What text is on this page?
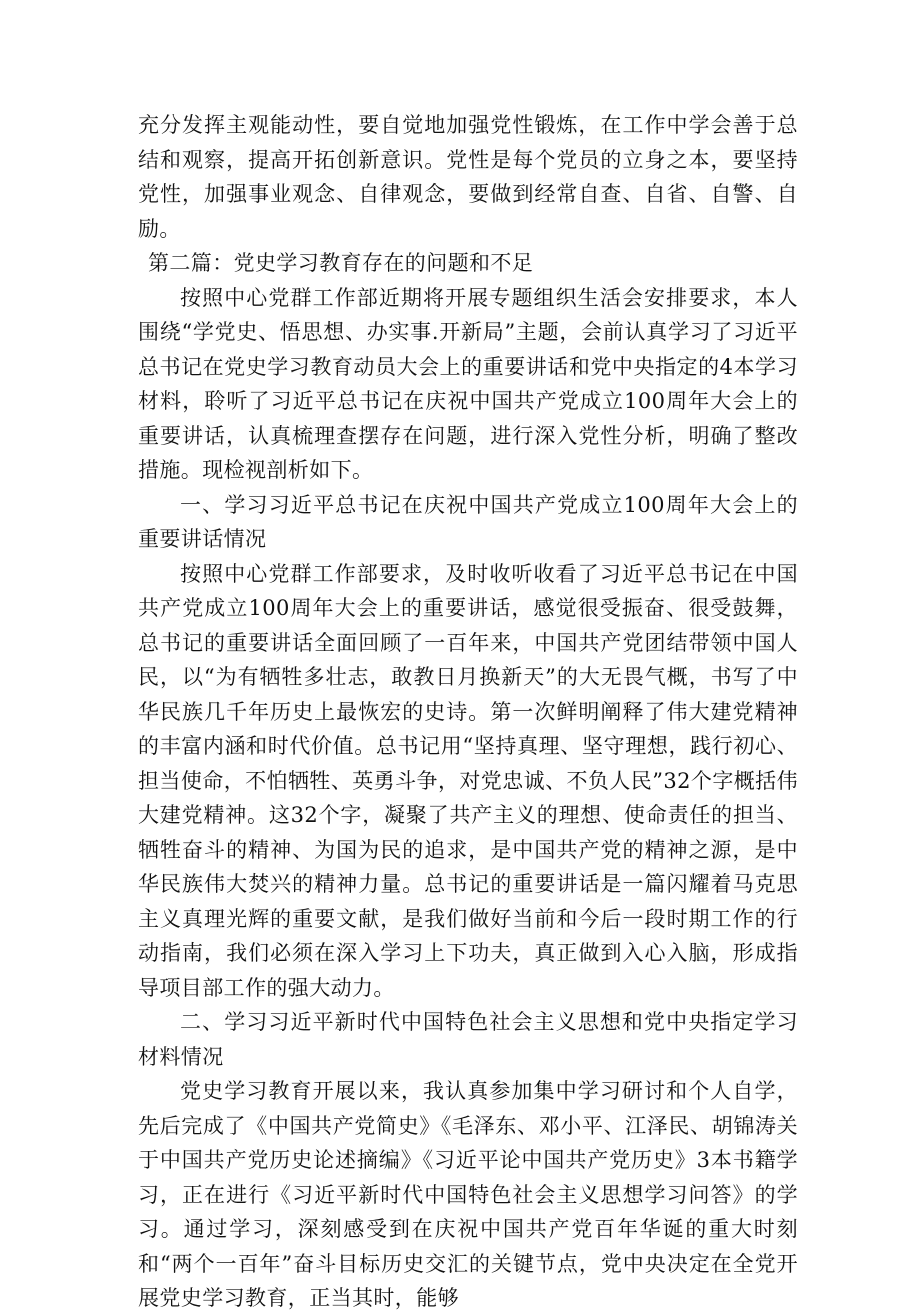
充分发挥主观能动性，要自觉地加强党性锻炼，在工作中学会善于总结和观察，提高开拓创新意识。党性是每个党员的立身之本，要坚持党性，加强事业观念、自律观念，要做到经常自查、自省、自警、自励。

第二篇：党史学习教育存在的问题和不足

按照中心党群工作部近期将开展专题组织生活会安排要求，本人围绕“学党史、悟思想、办实事.开新局”主题，会前认真学习了习近平总书记在党史学习教育动员大会上的重要讲话和党中央指定的4本学习材料，聆听了习近平总书记在庆祝中国共产党成立100周年大会上的重要讲话，认真梳理查摆存在问题，进行深入党性分析，明确了整改措施。现检视剖析如下。

一、学习习近平总书记在庆祝中国共产党成立100周年大会上的重要讲话情况

按照中心党群工作部要求，及时收听收看了习近平总书记在中国共产党成立100周年大会上的重要讲话，感觉很受振奋、很受鼓舞，总书记的重要讲话全面回顾了一百年来，中国共产党团结带领中国人民，以“为有牺牲多壮志，敢教日月换新天”的大无畏气概，书写了中华民族几千年历史上最恢宏的史诗。第一次鲜明阐释了伟大建党精神的丰富内涵和时代价值。总书记用“坚持真理、坚守理想，践行初心、担当使命，不怕牺牲、英勇斗争，对党忠诚、不负人民”32个字概括伟大建党精神。这32个字，凝聚了共产主义的理想、使命责任的担当、牺牲奋斗的精神、为国为民的追求，是中国共产党的精神之源，是中华民族伟大焚兴的精神力量。总书记的重要讲话是一篇闪耀着马克思主义真理光辉的重要文献，是我们做好当前和今后一段时期工作的行动指南，我们必须在深入学习上下功夫，真正做到入心入脑，形成指导项目部工作的强大动力。

二、学习习近平新时代中国特色社会主义思想和党中央指定学习材料情况

党史学习教育开展以来，我认真参加集中学习研讨和个人自学，先后完成了《中国共产党简史》《毛泽东、邓小平、江泽民、胡锦涛关于中国共产党历史论述摘编》《习近平论中国共产党历史》3本书籍学习，正在进行《习近平新时代中国特色社会主义思想学习问答》的学习。通过学习，深刻感受到在庆祝中国共产党百年华诞的重大时刻和“两个一百年”奋斗目标历史交汇的关键节点，党中央决定在全党开展党史学习教育，正当其时，能够
